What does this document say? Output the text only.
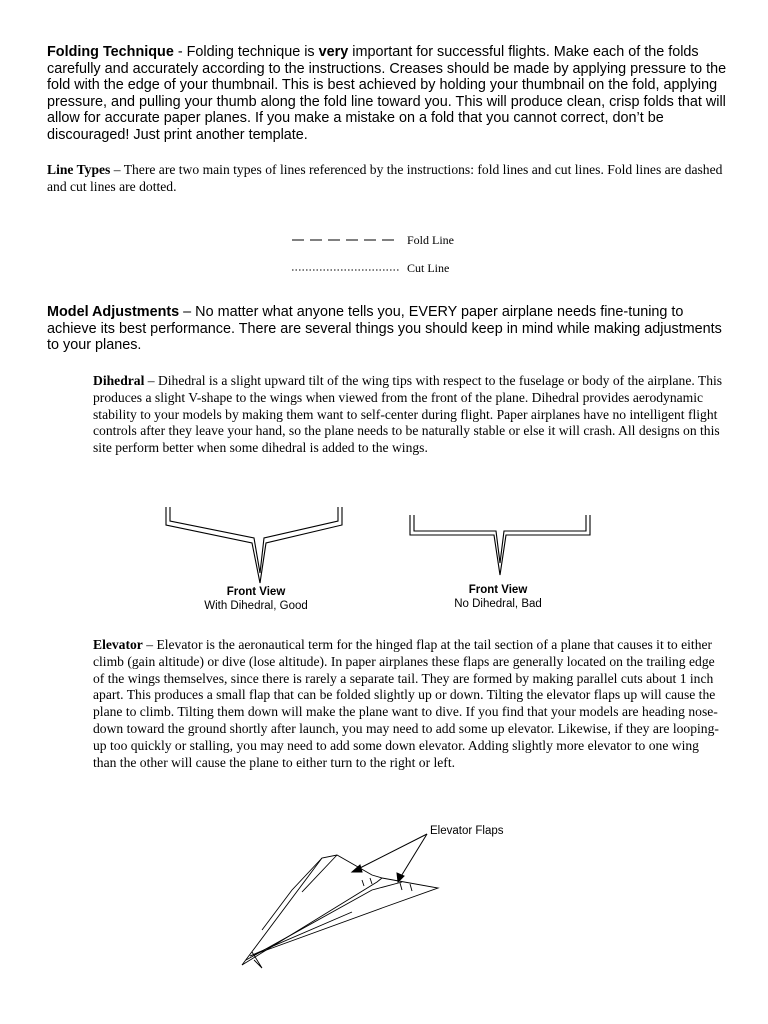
Folding Technique - Folding technique is very important for successful flights. Make each of the folds carefully and accurately according to the instructions. Creases should be made by applying pressure to the fold with the edge of your thumbnail. This is best achieved by holding your thumbnail on the fold, applying pressure, and pulling your thumb along the fold line toward you. This will produce clean, crisp folds that will allow for accurate paper planes. If you make a mistake on a fold that you cannot correct, don’t be discouraged! Just print another template.
Line Types – There are two main types of lines referenced by the instructions: fold lines and cut lines. Fold lines are dashed and cut lines are dotted.
Fold Line
Cut Line
Model Adjustments – No matter what anyone tells you, EVERY paper airplane needs fine-tuning to achieve its best performance. There are several things you should keep in mind while making adjustments to your planes.
Dihedral – Dihedral is a slight upward tilt of the wing tips with respect to the fuselage or body of the airplane. This produces a slight V-shape to the wings when viewed from the front of the plane. Dihedral provides aerodynamic stability to your models by making them want to self-center during flight. Paper airplanes have no intelligent flight controls after they leave your hand, so the plane needs to be naturally stable or else it will crash. All designs on this site perform better when some dihedral is added to the wings.
Front View
With Dihedral, Good
Front View
No Dihedral, Bad
Elevator – Elevator is the aeronautical term for the hinged flap at the tail section of a plane that causes it to either climb (gain altitude) or dive (lose altitude). In paper airplanes these flaps are generally located on the trailing edge of the wings themselves, since there is rarely a separate tail. They are formed by making parallel cuts about 1 inch apart. This produces a small flap that can be folded slightly up or down. Tilting the elevator flaps up will cause the plane to climb. Tilting them down will make the plane want to dive. If you find that your models are heading nose-down toward the ground shortly after launch, you may need to add some up elevator. Likewise, if they are looping-up too quickly or stalling, you may need to add some down elevator. Adding slightly more elevator to one wing than the other will cause the plane to either turn to the right or left.
Elevator Flaps
